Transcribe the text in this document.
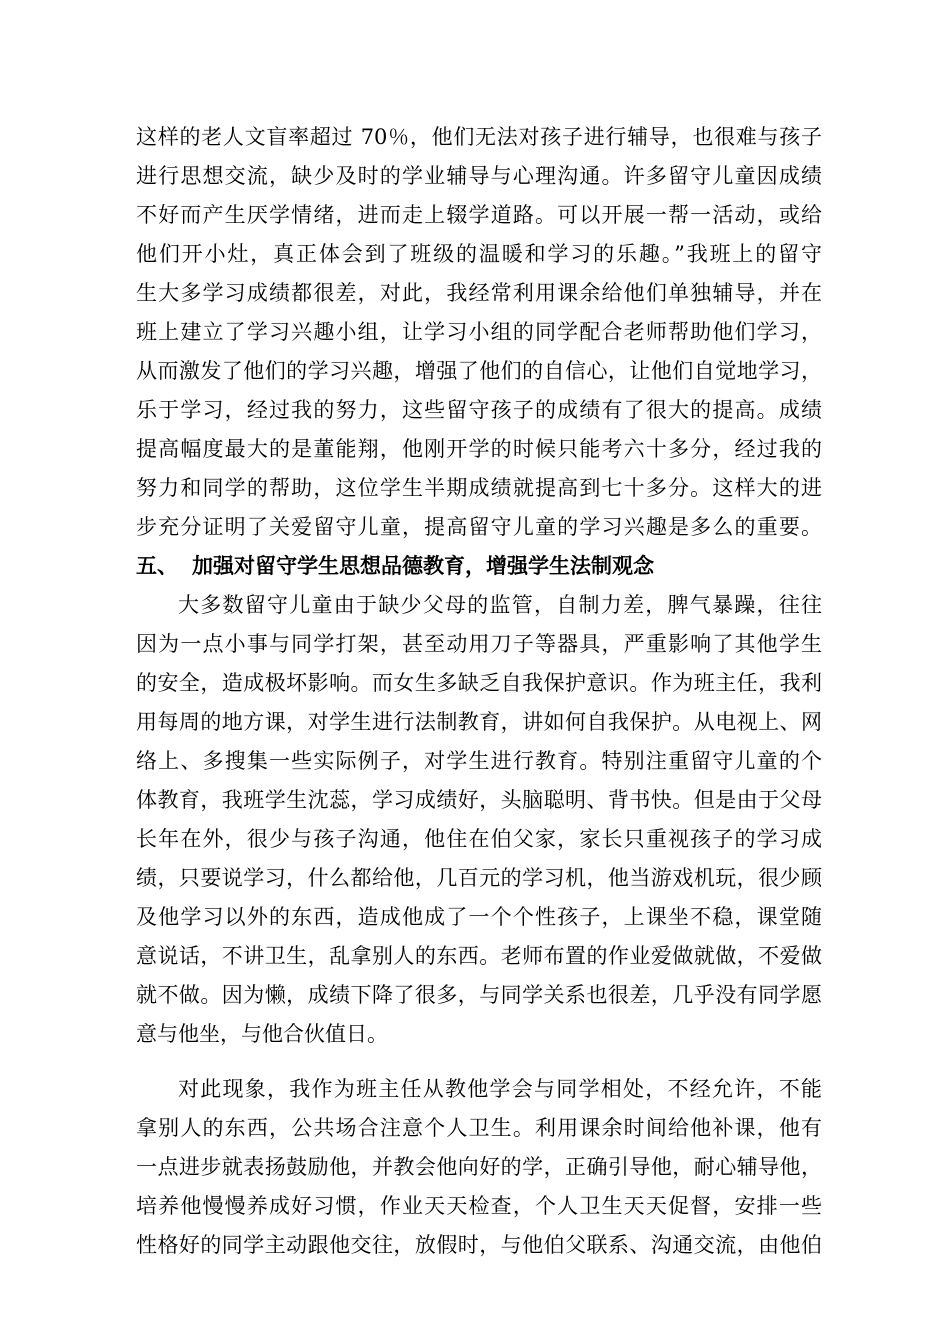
这样的老人文盲率超过 70％，他们无法对孩子进行辅导，也很难与孩子
进行思想交流，缺少及时的学业辅导与心理沟通。许多留守儿童因成绩
不好而产生厌学情绪，进而走上辍学道路。可以开展一帮一活动，或给
他们开小灶，真正体会到了班级的温暖和学习的乐趣。”我班上的留守
生大多学习成绩都很差，对此，我经常利用课余给他们单独辅导，并在
班上建立了学习兴趣小组，让学习小组的同学配合老师帮助他们学习，
从而激发了他们的学习兴趣，增强了他们的自信心，让他们自觉地学习，
乐于学习，经过我的努力，这些留守孩子的成绩有了很大的提高。成绩
提高幅度最大的是董能翔，他刚开学的时候只能考六十多分，经过我的
努力和同学的帮助，这位学生半期成绩就提高到七十多分。这样大的进
步充分证明了关爱留守儿童，提高留守儿童的学习兴趣是多么的重要。
五、 加强对留守学生思想品德教育，增强学生法制观念
大多数留守儿童由于缺少父母的监管，自制力差，脾气暴躁，往往
因为一点小事与同学打架，甚至动用刀子等器具，严重影响了其他学生
的安全，造成极坏影响。而女生多缺乏自我保护意识。作为班主任，我利
用每周的地方课，对学生进行法制教育，讲如何自我保护。从电视上、网
络上、多搜集一些实际例子，对学生进行教育。特别注重留守儿童的个
体教育，我班学生沈蕊，学习成绩好，头脑聪明、背书快。但是由于父母
长年在外，很少与孩子沟通，他住在伯父家，家长只重视孩子的学习成
绩，只要说学习，什么都给他，几百元的学习机，他当游戏机玩，很少顾
及他学习以外的东西，造成他成了一个个性孩子，上课坐不稳，课堂随
意说话，不讲卫生，乱拿别人的东西。老师布置的作业爱做就做，不爱做
就不做。因为懒，成绩下降了很多，与同学关系也很差，几乎没有同学愿
意与他坐，与他合伙值日。
对此现象，我作为班主任从教他学会与同学相处，不经允许，不能
拿别人的东西，公共场合注意个人卫生。利用课余时间给他补课，他有
一点进步就表扬鼓励他，并教会他向好的学，正确引导他，耐心辅导他，
培养他慢慢养成好习惯，作业天天检查，个人卫生天天促督，安排一些
性格好的同学主动跟他交往，放假时，与他伯父联系、沟通交流，由他伯
